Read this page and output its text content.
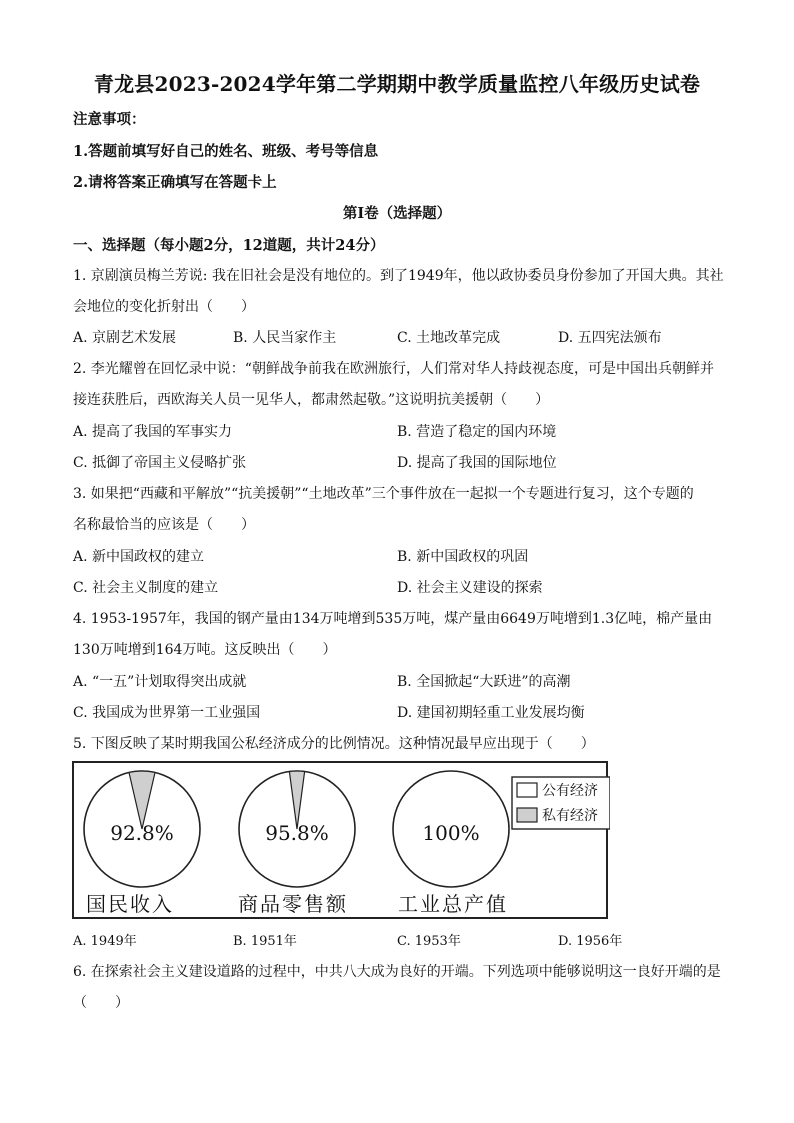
青龙县2023-2024学年第二学期期中教学质量监控八年级历史试卷
注意事项：
1.答题前填写好自己的姓名、班级、考号等信息
2.请将答案正确填写在答题卡上
第I卷（选择题）
一、选择题（每小题2分，12道题，共计24分）
1. 京剧演员梅兰芳说: 我在旧社会是没有地位的。到了1949年，他以政协委员身份参加了开国大典。其社
会地位的变化折射出（　　）
A. 京剧艺术发展	B. 人民当家作主	C. 土地改革完成	D. 五四宪法颁布
2. 李光耀曾在回忆录中说：“朝鲜战争前我在欧洲旅行，人们常对华人持歧视态度，可是中国出兵朝鲜并
接连获胜后，西欧海关人员一见华人，都肃然起敬。”这说明抗美援朝（　　）
A. 提高了我国的军事实力	B. 营造了稳定的国内环境
C. 抵御了帝国主义侵略扩张	D. 提高了我国的国际地位
3. 如果把“西藏和平解放”“抗美援朝”“土地改革”三个事件放在一起拟一个专题进行复习，这个专题的
名称最恰当的应该是（　　）
A. 新中国政权的建立	B. 新中国政权的巩固
C. 社会主义制度的建立	D. 社会主义建设的探索
4. 1953-1957年，我国的钢产量由134万吨增到535万吨，煤产量由6649万吨增到1.3亿吨，棉产量由
130万吨增到164万吨。这反映出（　　）
A. “一五”计划取得突出成就	B. 全国掀起“大跃进”的高潮
C. 我国成为世界第一工业强国	D. 建国初期轻重工业发展均衡
5. 下图反映了某时期我国公私经济成分的比例情况。这种情况最早应出现于（　　）
92.8%
国民收入
95.8%
商品零售额
100%
工业总产值
公有经济
私有经济
A. 1949年	B. 1951年	C. 1953年	D. 1956年
6. 在探索社会主义建设道路的过程中，中共八大成为良好的开端。下列选项中能够说明这一良好开端的是
（　　）
